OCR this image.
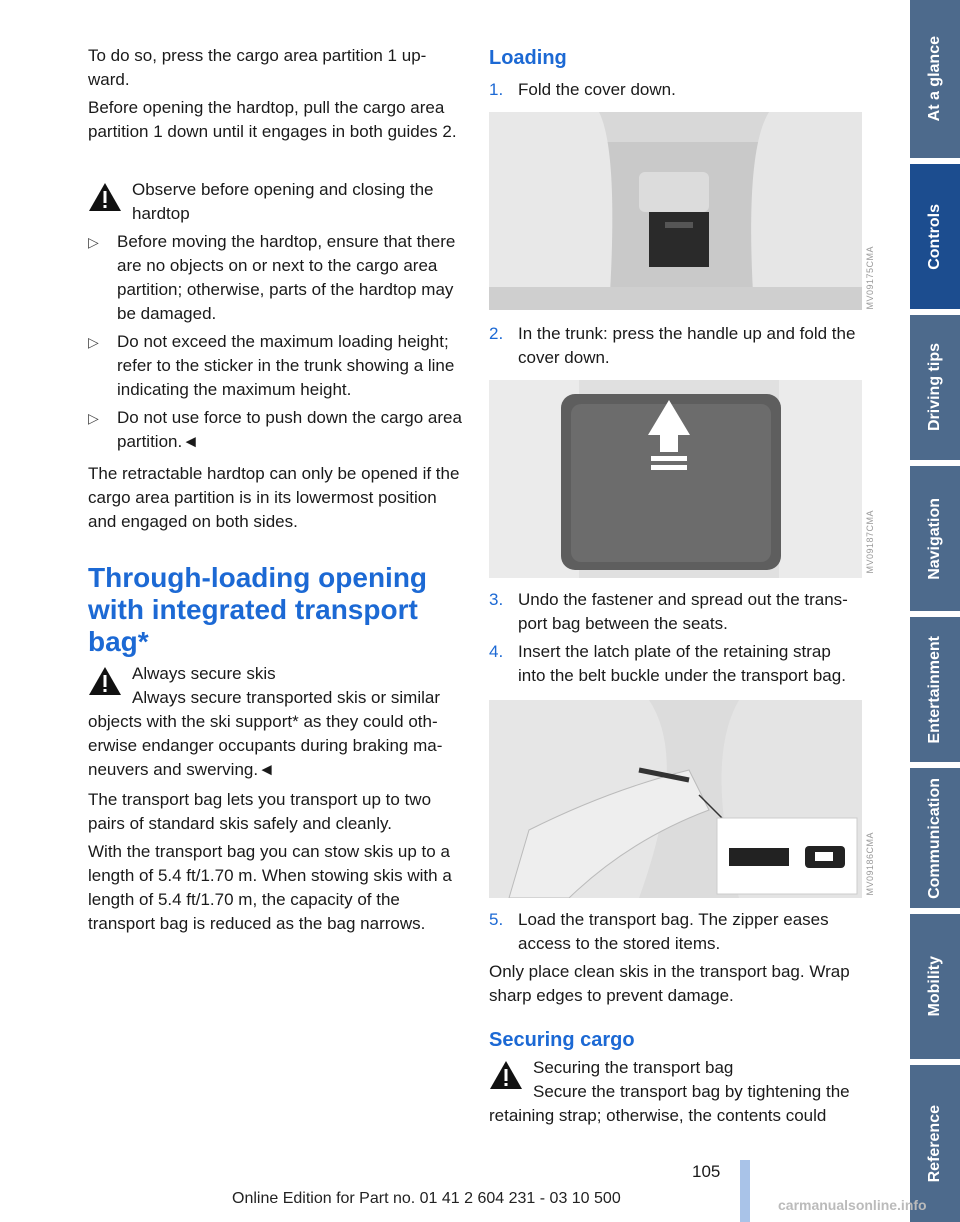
To do so, press the cargo area partition 1 upward.

Before opening the hardtop, pull the cargo area partition 1 down until it engages in both guides 2.

Observe before opening and closing the hardtop

▷ Before moving the hardtop, ensure that there are no objects on or next to the cargo area partition; otherwise, parts of the hardtop may be damaged.
▷ Do not exceed the maximum loading height; refer to the sticker in the trunk showing a line indicating the maximum height.
▷ Do not use force to push down the cargo area partition.◄

The retractable hardtop can only be opened if the cargo area partition is in its lowermost position and engaged on both sides.

Through-loading opening with integrated transport bag*

Always secure skis

Always secure transported skis or similar objects with the ski support* as they could otherwise endanger occupants during braking maneuvers and swerving.◄

The transport bag lets you transport up to two pairs of standard skis safely and cleanly.

With the transport bag you can stow skis up to a length of 5.4 ft/1.70 m. When stowing skis with a length of 5.4 ft/1.70 m, the capacity of the transport bag is reduced as the bag narrows.

Loading
1. Fold the cover down.
2. In the trunk: press the handle up and fold the cover down.
3. Undo the fastener and spread out the transport bag between the seats.
4. Insert the latch plate of the retaining strap into the belt buckle under the transport bag.
5. Load the transport bag. The zipper eases access to the stored items.

Only place clean skis in the transport bag. Wrap sharp edges to prevent damage.

Securing cargo

Securing the transport bag

Secure the transport bag by tightening the retaining strap; otherwise, the contents could

MV09175CMA
MV09187CMA
MV09186CMA
At a glance
Controls
Driving tips
Navigation
Entertainment
Communication
Mobility
Reference
105
Online Edition for Part no. 01 41 2 604 231 - 03 10 500	carmanualsonline.info
